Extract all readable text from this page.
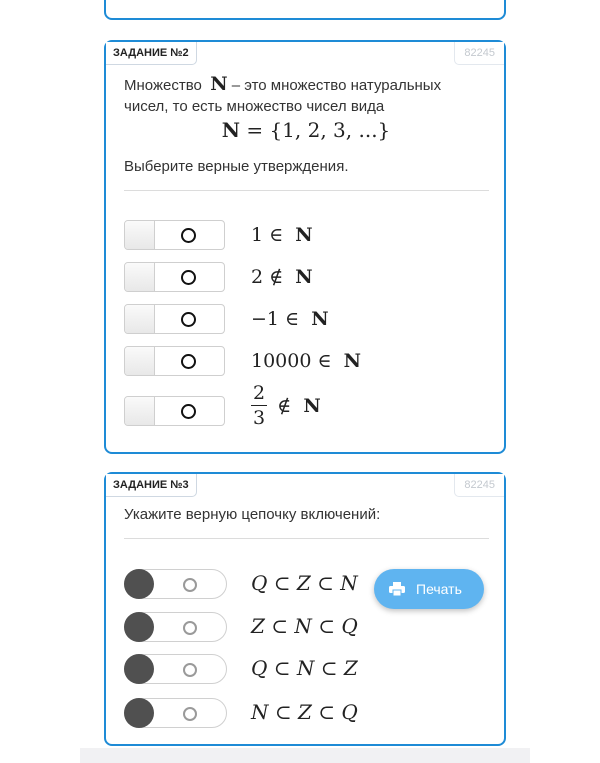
ЗАДАНИЕ №2	82245
Множество N – это множество натуральных
чисел, то есть множество чисел вида
N = {1, 2, 3, ...}
Выберите верные утверждения.
1 ∈ N
2 ∉ N
−1 ∈ N
10000 ∈ N
$\frac{2}{3}$ ∉ N
ЗАДАНИЕ №3	82245
Укажите верную цепочку включений:
Q ⊂ Z ⊂ N
Z ⊂ N ⊂ Q
Q ⊂ N ⊂ Z
N ⊂ Z ⊂ Q
Печать
